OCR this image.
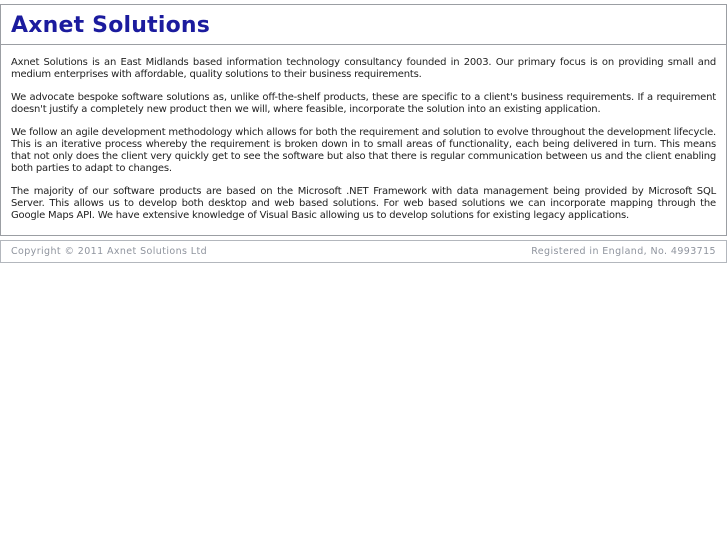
Axnet Solutions

Axnet Solutions is an East Midlands based information technology consultancy founded in 2003. Our primary focus is on providing small and medium enterprises with affordable, quality solutions to their business requirements.

We advocate bespoke software solutions as, unlike off-the-shelf products, these are specific to a client's business requirements. If a requirement doesn't justify a completely new product then we will, where feasible, incorporate the solution into an existing application.

We follow an agile development methodology which allows for both the requirement and solution to evolve throughout the development lifecycle. This is an iterative process whereby the requirement is broken down in to small areas of functionality, each being delivered in turn. This means that not only does the client very quickly get to see the software but also that there is regular communication between us and the client enabling both parties to adapt to changes.

The majority of our software products are based on the Microsoft .NET Framework with data management being provided by Microsoft SQL Server. This allows us to develop both desktop and web based solutions. For web based solutions we can incorporate mapping through the Google Maps API. We have extensive knowledge of Visual Basic allowing us to develop solutions for existing legacy applications.

Copyright © 2011 Axnet Solutions Ltd	Registered in England, No. 4993715
